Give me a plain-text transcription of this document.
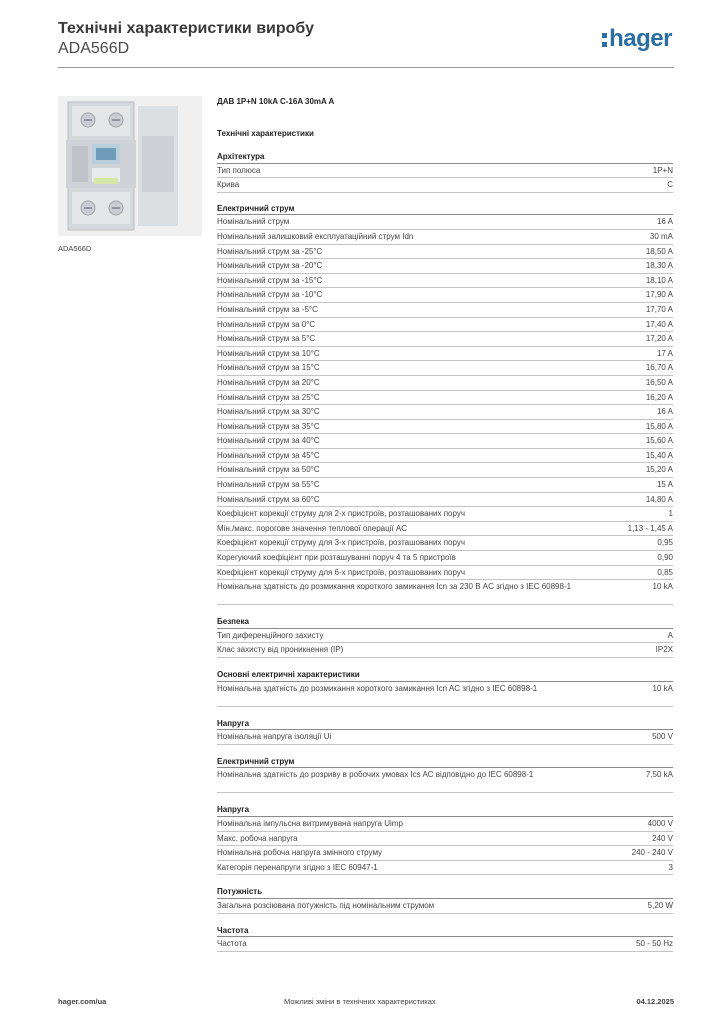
Технічні характеристики виробу
ADA566D	hager
ADA566D
ДАВ 1P+N 10kA C-16A 30mA A
Технічні характеристики
Архітектура
Тип полюса	1P+N
Крива	C
Електричний струм
Номінальний струм	16 A
Номінальний залишковий експлуатаційний струм Idn	30 mA
Номінальний струм за -25°C	18,50 A
Номінальний струм за -20°C	18,30 A
Номінальний струм за -15°C	18,10 A
Номінальний струм за -10°C	17,90 A
Номінальний струм за -5°C	17,70 A
Номінальний струм за 0°C	17,40 A
Номінальний струм за 5°C	17,20 A
Номінальний струм за 10°C	17 A
Номінальний струм за 15°C	16,70 A
Номінальний струм за 20°C	16,50 A
Номінальний струм за 25°C	16,20 A
Номінальний струм за 30°C	16 A
Номінальний струм за 35°C	15,80 A
Номінальний струм за 40°C	15,60 A
Номінальний струм за 45°C	15,40 A
Номінальний струм за 50°C	15,20 A
Номінальний струм за 55°C	15 A
Номінальний струм за 60°C	14,80 A
Коефіцієнт корекції струму для 2-х пристроїв, розташованих поруч	1
Мін./макс. порогове значення теплової операції AC	1,13 - 1,45 A
Коефіцієнт корекції струму для 3-х пристроїв, розташованих поруч	0,95
Корегуючий коефіцієнт при розташуванні поруч 4 та 5 пристроїв	0,90
Коефіцієнт корекції струму для 6-х пристроїв, розташованих поруч	0,85
Номінальна здатність до розмикання короткого замикання Icn за 230 В AC згідно з IEC 60898-1	10 kA
Безпека
Тип диференційного захисту	A
Клас захисту від проникнення (IP)	IP2X
Основні електричні характеристики
Номінальна здатність до розмикання короткого замикання Icn AC згідно з IEC 60898-1	10 kA
Напруга
Номінальна напруга ізоляції Ui	500 V
Електричний струм
Номінальна здатність до розриву в робочих умовах Ics AC відповідно до IEC 60898-1	7,50 kA
Напруга
Номінальна імпульсна витримувана напруга Uimp	4000 V
Макс. робоча напруга	240 V
Номінальна робоча напруга змінного струму	240 - 240 V
Категорія перенапруги згідно з IEC 60947-1	3
Потужність
Загальна розсіювана потужність під номінальним струмом	5,20 W
Частота
Частота	50 - 50 Hz
hager.com/ua	Можливі зміни в технічних характеристиках	04.12.2025
